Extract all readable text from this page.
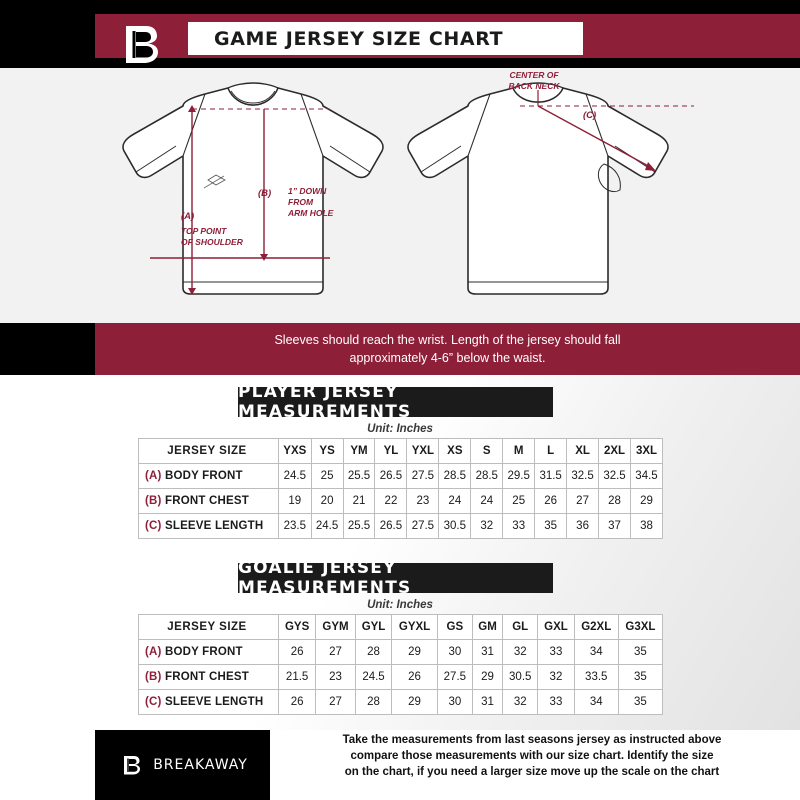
GAME JERSEY SIZE CHART
CENTER OF
BACK NECK
(C)
(A)
TOP POINT
OF SHOULDER
(B) 1” DOWN
FROM
ARM HOLE
Sleeves should reach the wrist. Length of the jersey should fall
approximately 4-6” below the waist.
PLAYER JERSEY MEASUREMENTS
Unit: Inches
JERSEY SIZE	YXS	YS	YM	YL	YXL	XS	S	M	L	XL	2XL	3XL
(A) BODY FRONT	24.5	25	25.5	26.5	27.5	28.5	28.5	29.5	31.5	32.5	32.5	34.5
(B) FRONT CHEST	19	20	21	22	23	24	24	25	26	27	28	29
(C) SLEEVE LENGTH	23.5	24.5	25.5	26.5	27.5	30.5	32	33	35	36	37	38
GOALIE JERSEY MEASUREMENTS
Unit: Inches
JERSEY SIZE	GYS	GYM	GYL	GYXL	GS	GM	GL	GXL	G2XL	G3XL
(A) BODY FRONT	26	27	28	29	30	31	32	33	34	35
(B) FRONT CHEST	21.5	23	24.5	26	27.5	29	30.5	32	33.5	35
(C) SLEEVE LENGTH	26	27	28	29	30	31	32	33	34	35
BREAKAWAY
Take the measurements from last seasons jersey as instructed above
compare those measurements with our size chart. Identify the size
on the chart, if you need a larger size move up the scale on the chart
